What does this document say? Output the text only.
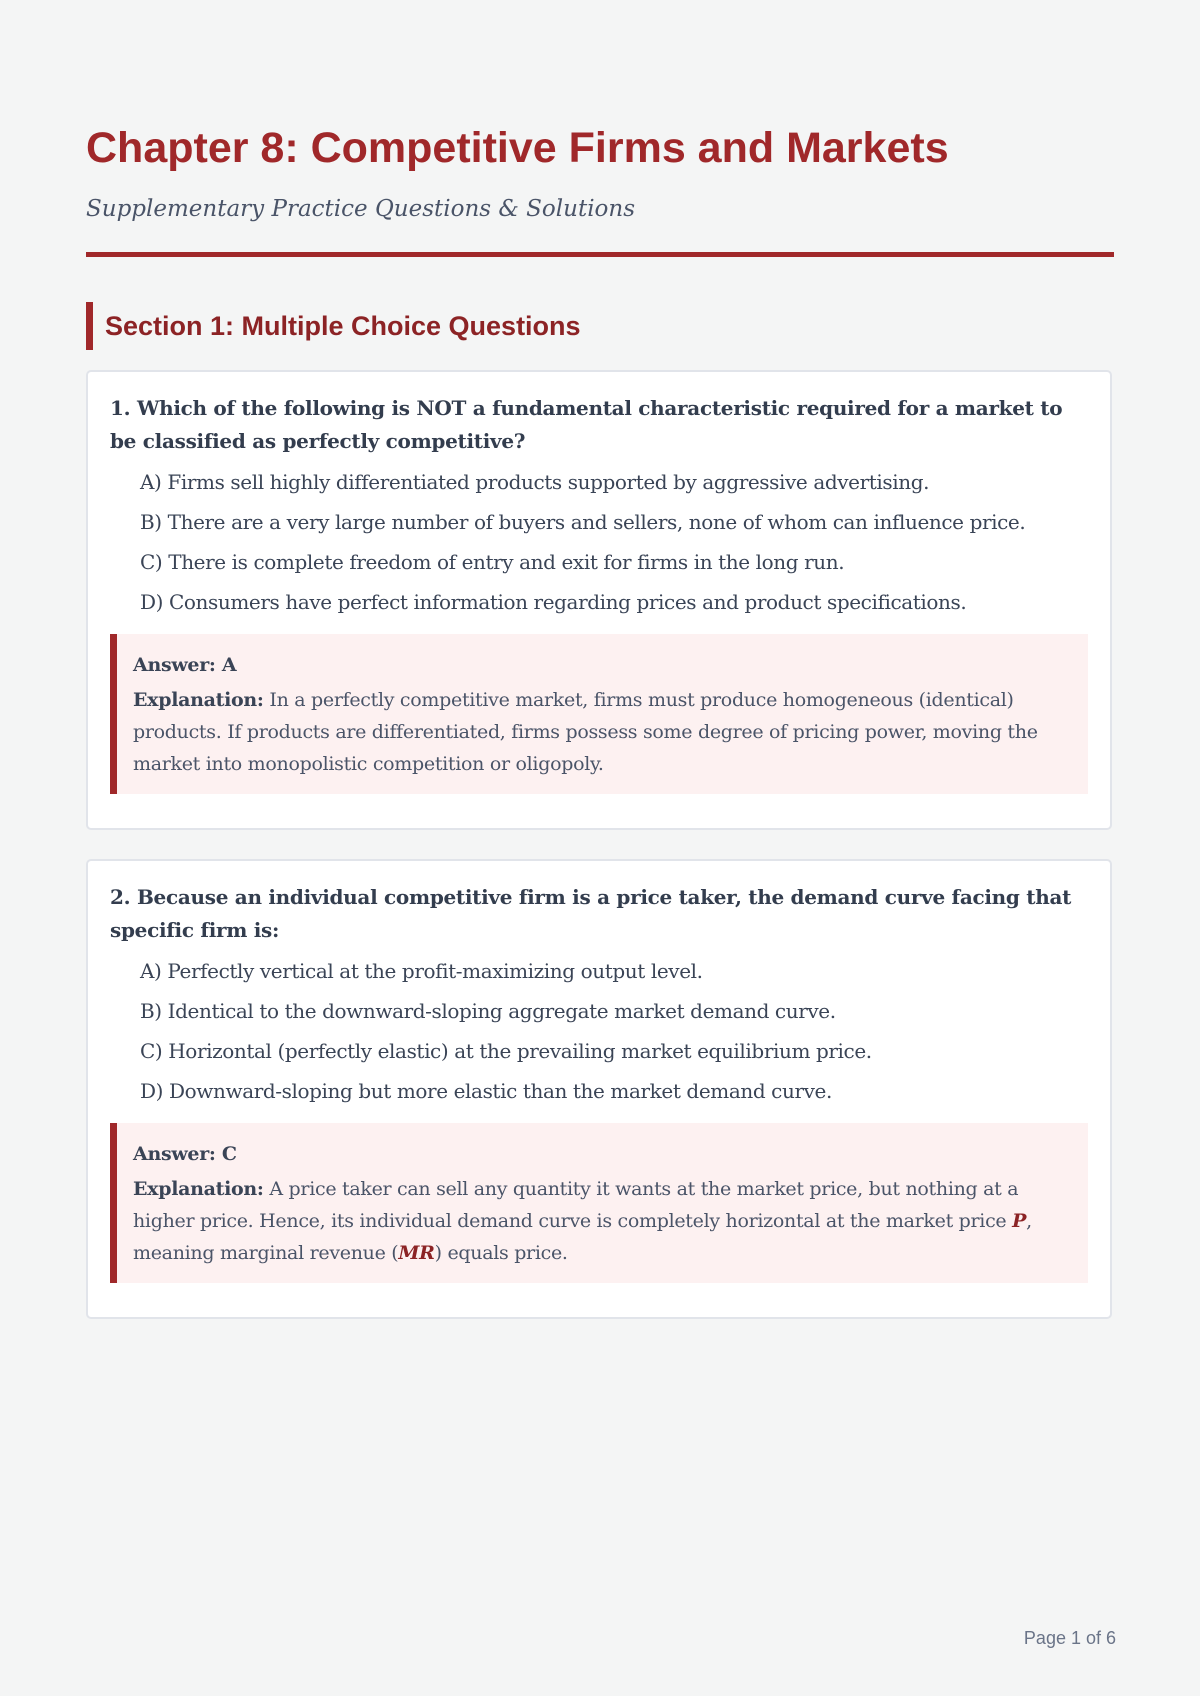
Chapter 8: Competitive Firms and Markets
Supplementary Practice Questions & Solutions
Section 1: Multiple Choice Questions

1. Which of the following is NOT a fundamental characteristic required for a market to be classified as perfectly competitive?

A) Firms sell highly differentiated products supported by aggressive advertising.
B) There are a very large number of buyers and sellers, none of whom can influence price.
C) There is complete freedom of entry and exit for firms in the long run.
D) Consumers have perfect information regarding prices and product specifications.
Answer: A
Explanation: In a perfectly competitive market, firms must produce homogeneous (identical) products. If products are differentiated, firms possess some degree of pricing power, moving the market into monopolistic competition or oligopoly.

2. Because an individual competitive firm is a price taker, the demand curve facing that specific firm is:

A) Perfectly vertical at the profit-maximizing output level.
B) Identical to the downward-sloping aggregate market demand curve.
C) Horizontal (perfectly elastic) at the prevailing market equilibrium price.
D) Downward-sloping but more elastic than the market demand curve.
Answer: C
Explanation: A price taker can sell any quantity it wants at the market price, but nothing at a higher price. Hence, its individual demand curve is completely horizontal at the market price P, meaning marginal revenue (MR) equals price.
Page 1 of 6
